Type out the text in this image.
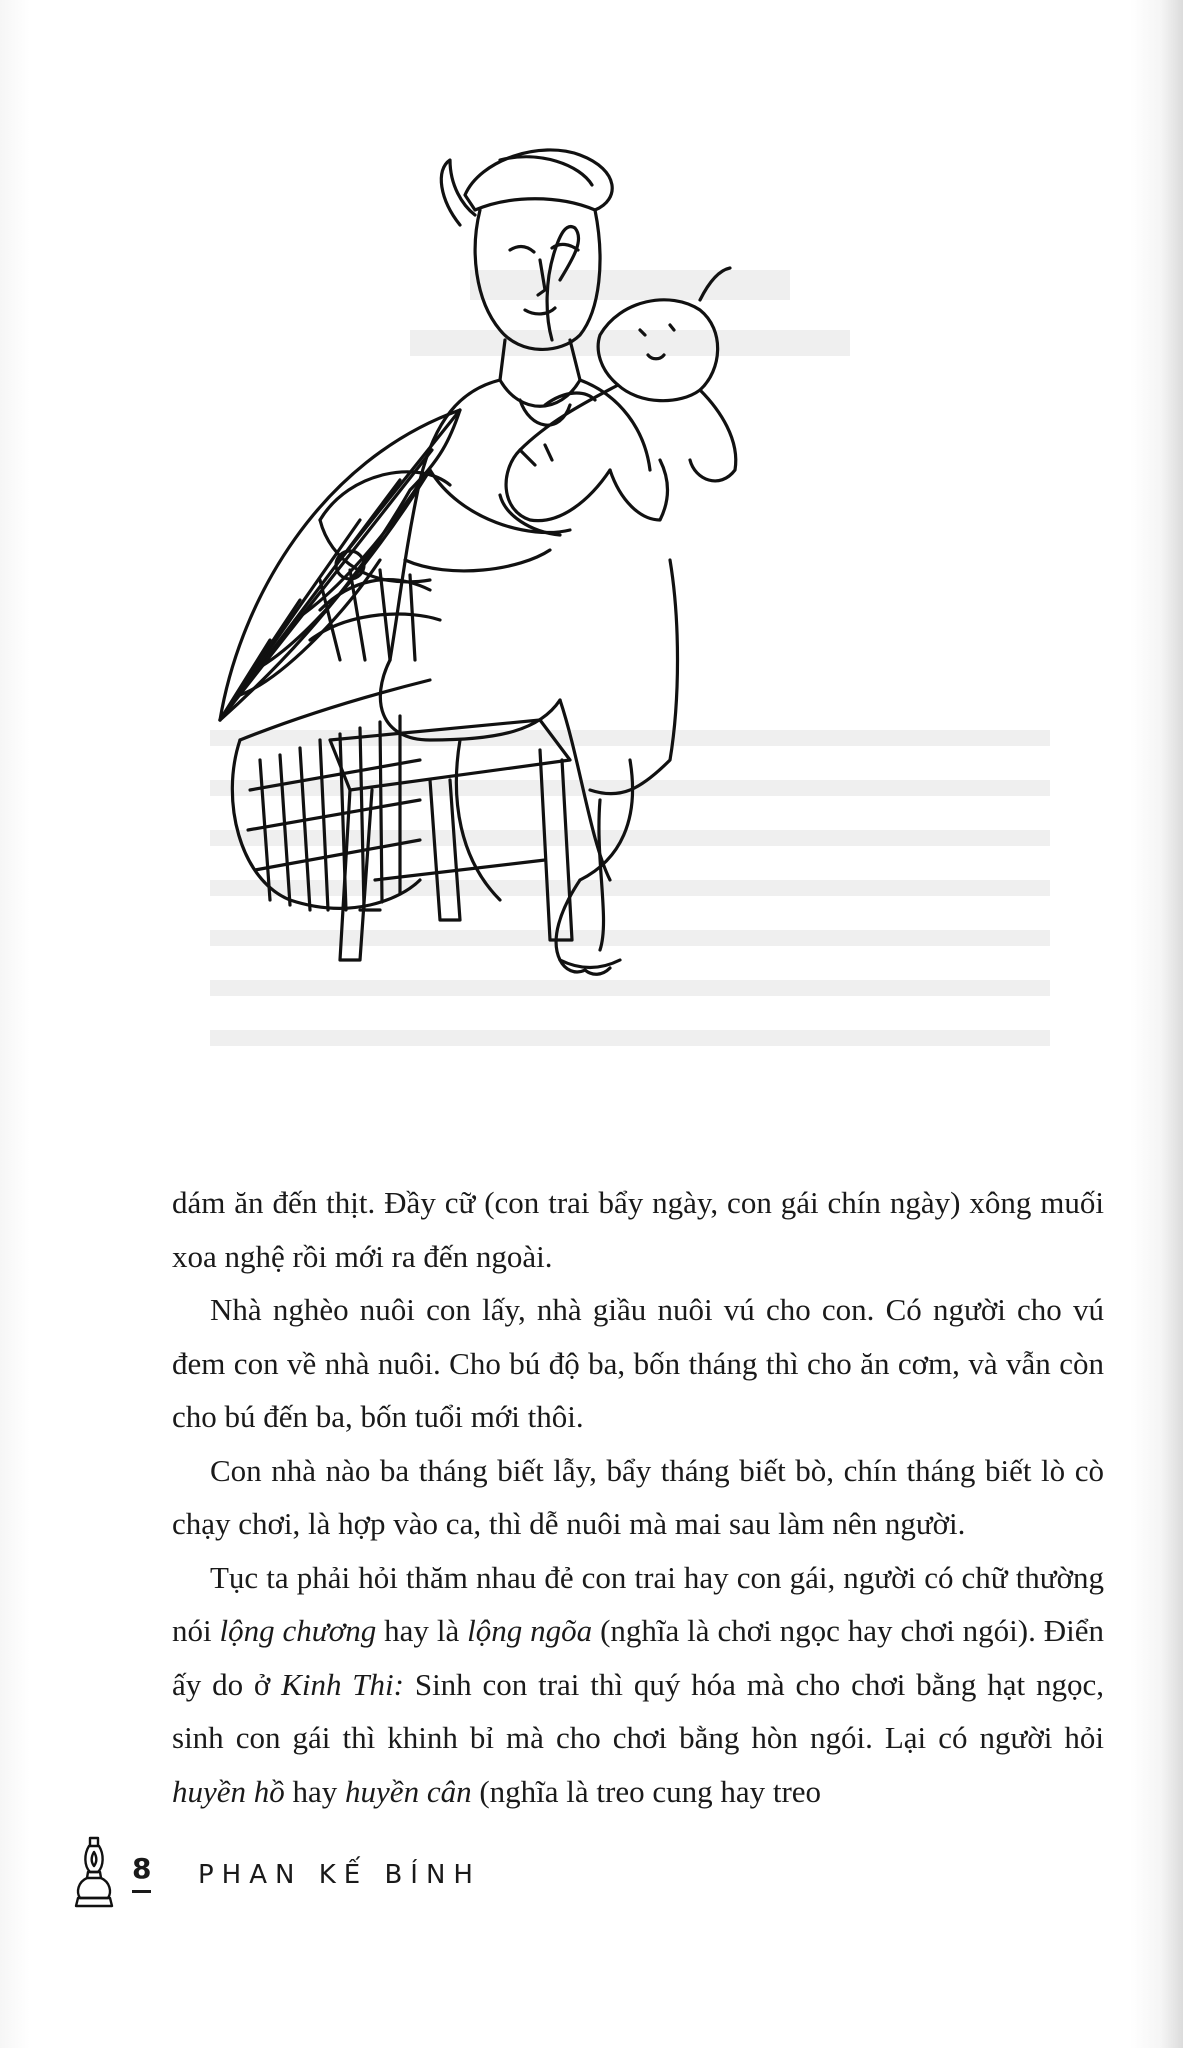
dám ăn đến thịt. Đầy cữ (con trai bẩy ngày, con gái chín ngày) xông muối xoa nghệ rồi mới ra đến ngoài.

Nhà nghèo nuôi con lấy, nhà giầu nuôi vú cho con. Có người cho vú đem con về nhà nuôi. Cho bú độ ba, bốn tháng thì cho ăn cơm, và vẫn còn cho bú đến ba, bốn tuổi mới thôi.

Con nhà nào ba tháng biết lẫy, bẩy tháng biết bò, chín tháng biết lò cò chạy chơi, là hợp vào ca, thì dễ nuôi mà mai sau làm nên người.

Tục ta phải hỏi thăm nhau đẻ con trai hay con gái, người có chữ thường nói lộng chương hay là lộng ngõa (nghĩa là chơi ngọc hay chơi ngói). Điển ấy do ở Kinh Thi: Sinh con trai thì quý hóa mà cho chơi bằng hạt ngọc, sinh con gái thì khinh bỉ mà cho chơi bằng hòn ngói. Lại có người hỏi huyền hồ hay huyền cân (nghĩa là treo cung hay treo

8 PHAN KẾ BÍNH
